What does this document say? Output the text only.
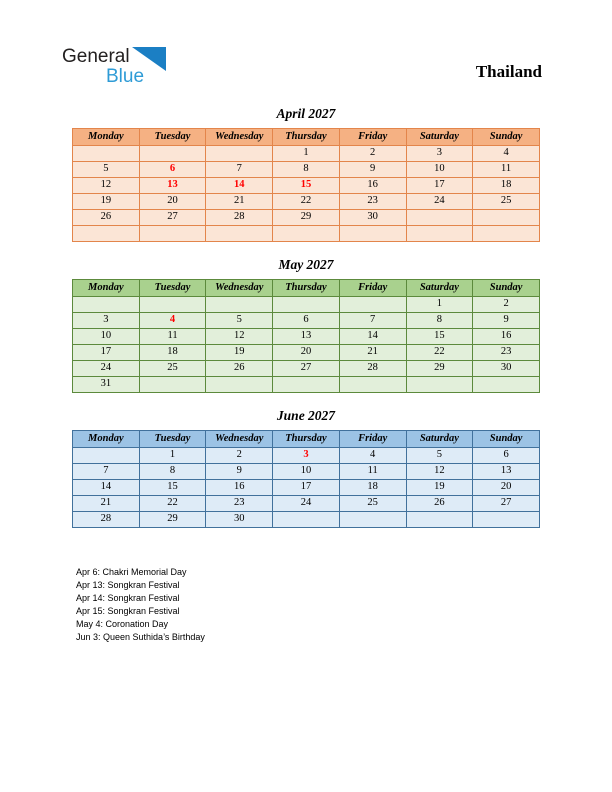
General
Blue	Thailand
April 2027
Monday	Tuesday	Wednesday	Thursday	Friday	Saturday	Sunday
			1	2	3	4
5	6	7	8	9	10	11
12	13	14	15	16	17	18
19	20	21	22	23	24	25
26	27	28	29	30		

May 2027
Monday	Tuesday	Wednesday	Thursday	Friday	Saturday	Sunday
					1	2
3	4	5	6	7	8	9
10	11	12	13	14	15	16
17	18	19	20	21	22	23
24	25	26	27	28	29	30
31						
June 2027
Monday	Tuesday	Wednesday	Thursday	Friday	Saturday	Sunday
	1	2	3	4	5	6
7	8	9	10	11	12	13
14	15	16	17	18	19	20
21	22	23	24	25	26	27
28	29	30				
Apr 6: Chakri Memorial Day
Apr 13: Songkran Festival
Apr 14: Songkran Festival
Apr 15: Songkran Festival
May 4: Coronation Day
Jun 3: Queen Suthida’s Birthday
